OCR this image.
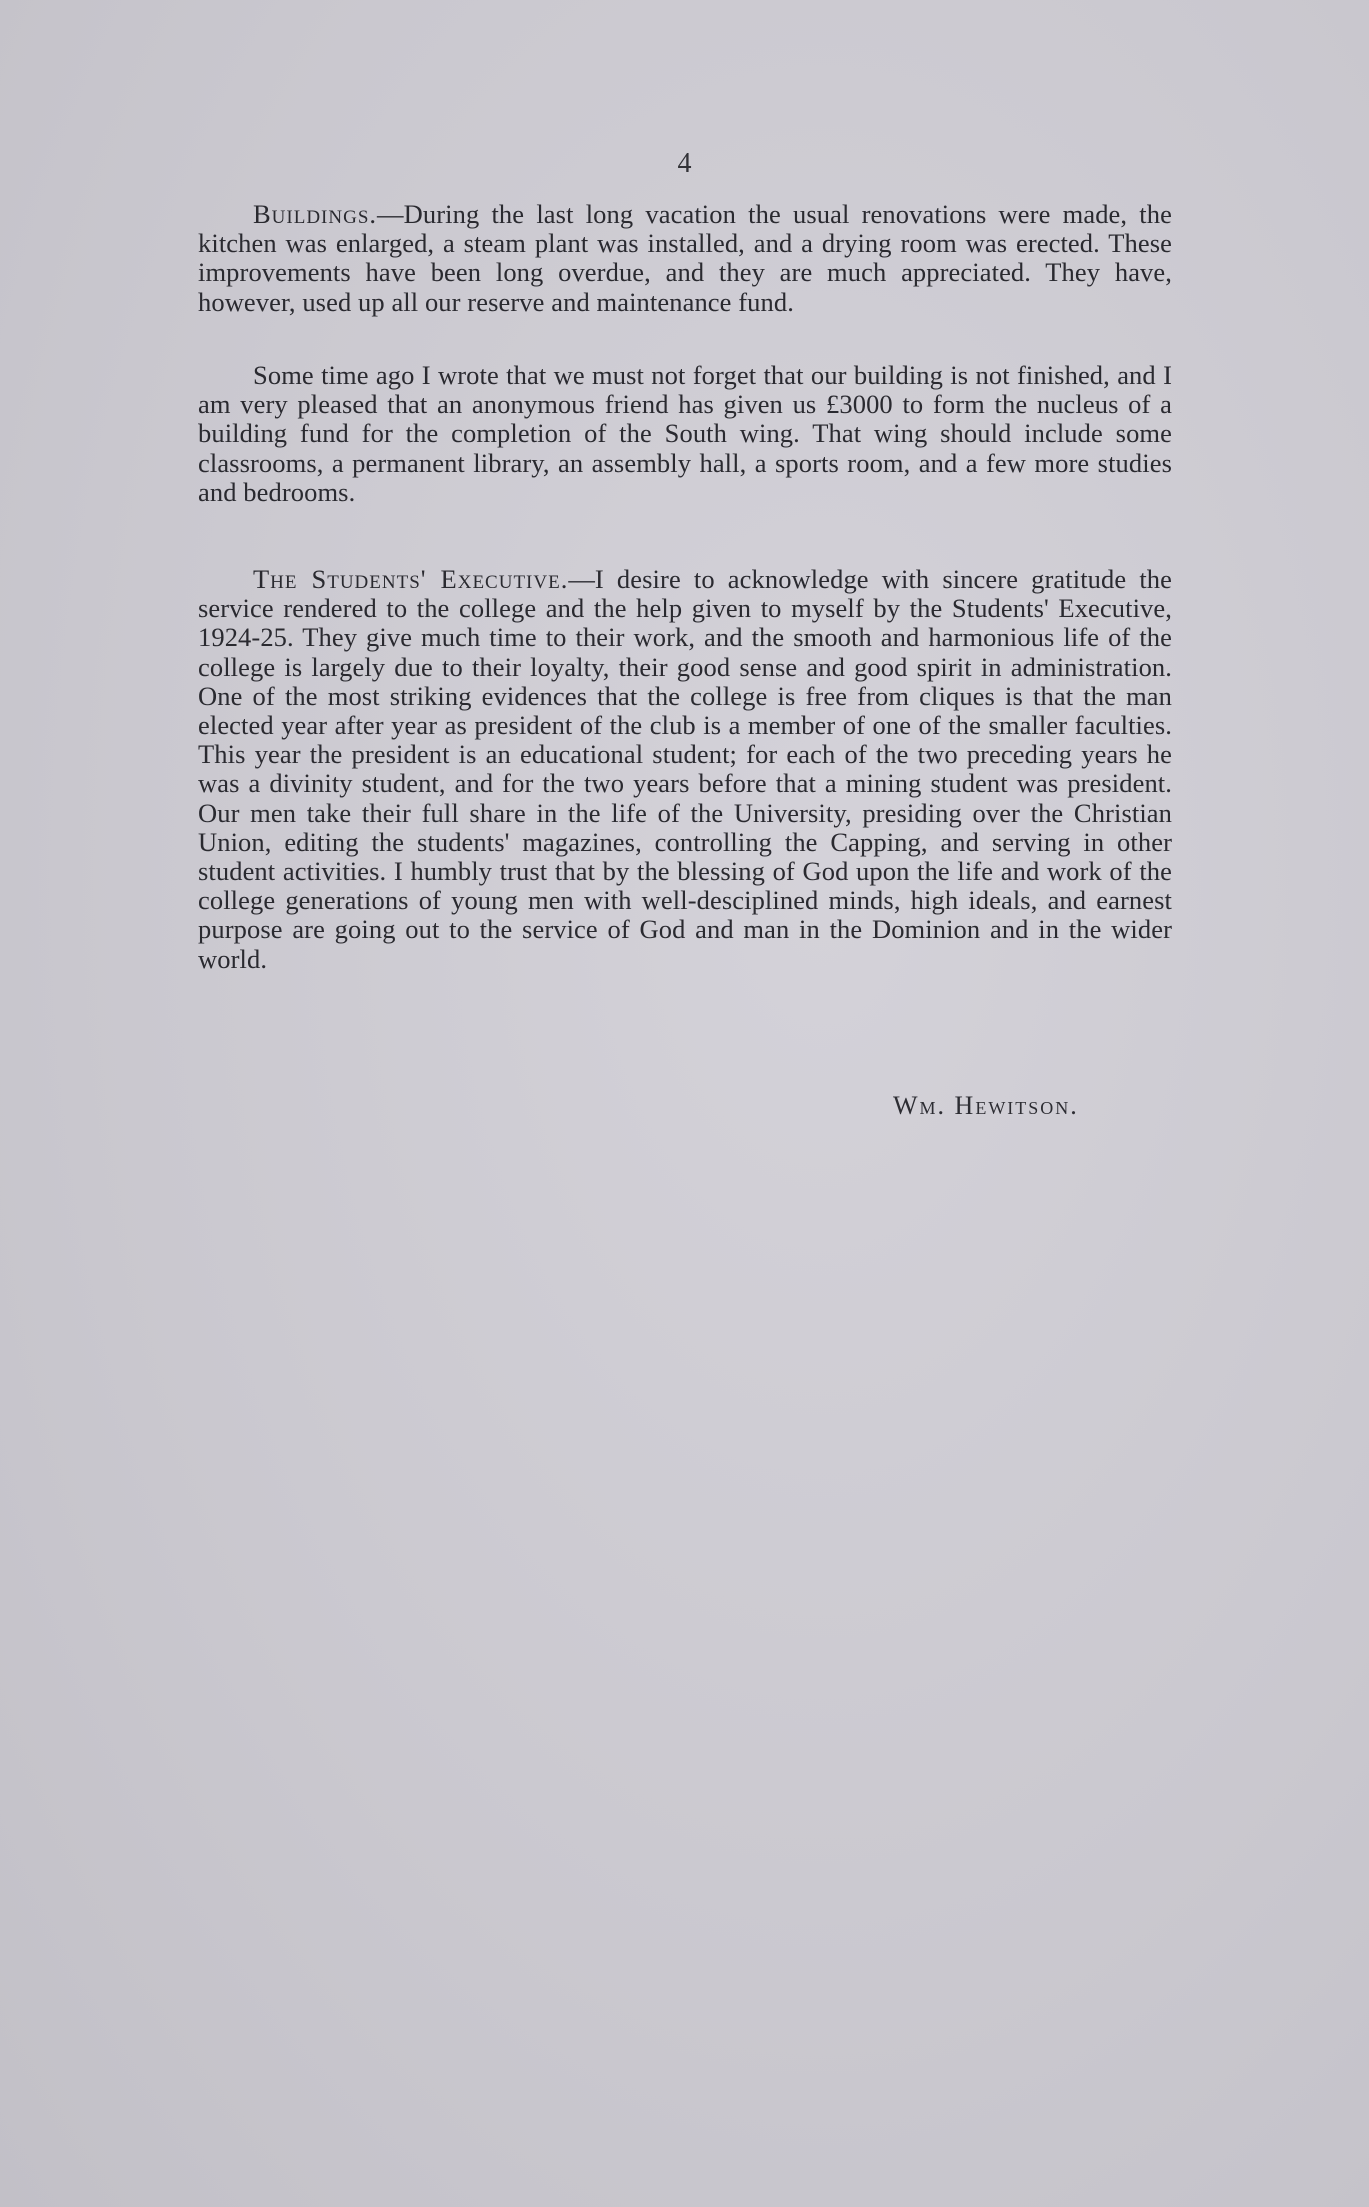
4

Buildings.—During the last long vacation the usual renovations were made, the kitchen was enlarged, a steam plant was installed, and a drying room was erected. These improvements have been long overdue, and they are much appreciated. They have, however, used up all our reserve and maintenance fund.

Some time ago I wrote that we must not forget that our building is not finished, and I am very pleased that an anonymous friend has given us £3000 to form the nucleus of a building fund for the completion of the South wing. That wing should include some classrooms, a permanent library, an assembly hall, a sports room, and a few more studies and bedrooms.

The Students' Executive.—I desire to acknowledge with sincere gratitude the service rendered to the college and the help given to myself by the Students' Executive, 1924-25. They give much time to their work, and the smooth and harmonious life of the college is largely due to their loyalty, their good sense and good spirit in administration. One of the most striking evidences that the college is free from cliques is that the man elected year after year as president of the club is a member of one of the smaller faculties. This year the president is an educational student; for each of the two preceding years he was a divinity student, and for the two years before that a mining student was president. Our men take their full share in the life of the University, presiding over the Christian Union, editing the students' magazines, controlling the Capping, and serving in other student activities. I humbly trust that by the blessing of God upon the life and work of the college generations of young men with well-desciplined minds, high ideals, and earnest purpose are going out to the service of God and man in the Dominion and in the wider world.

Wm. Hewitson.
